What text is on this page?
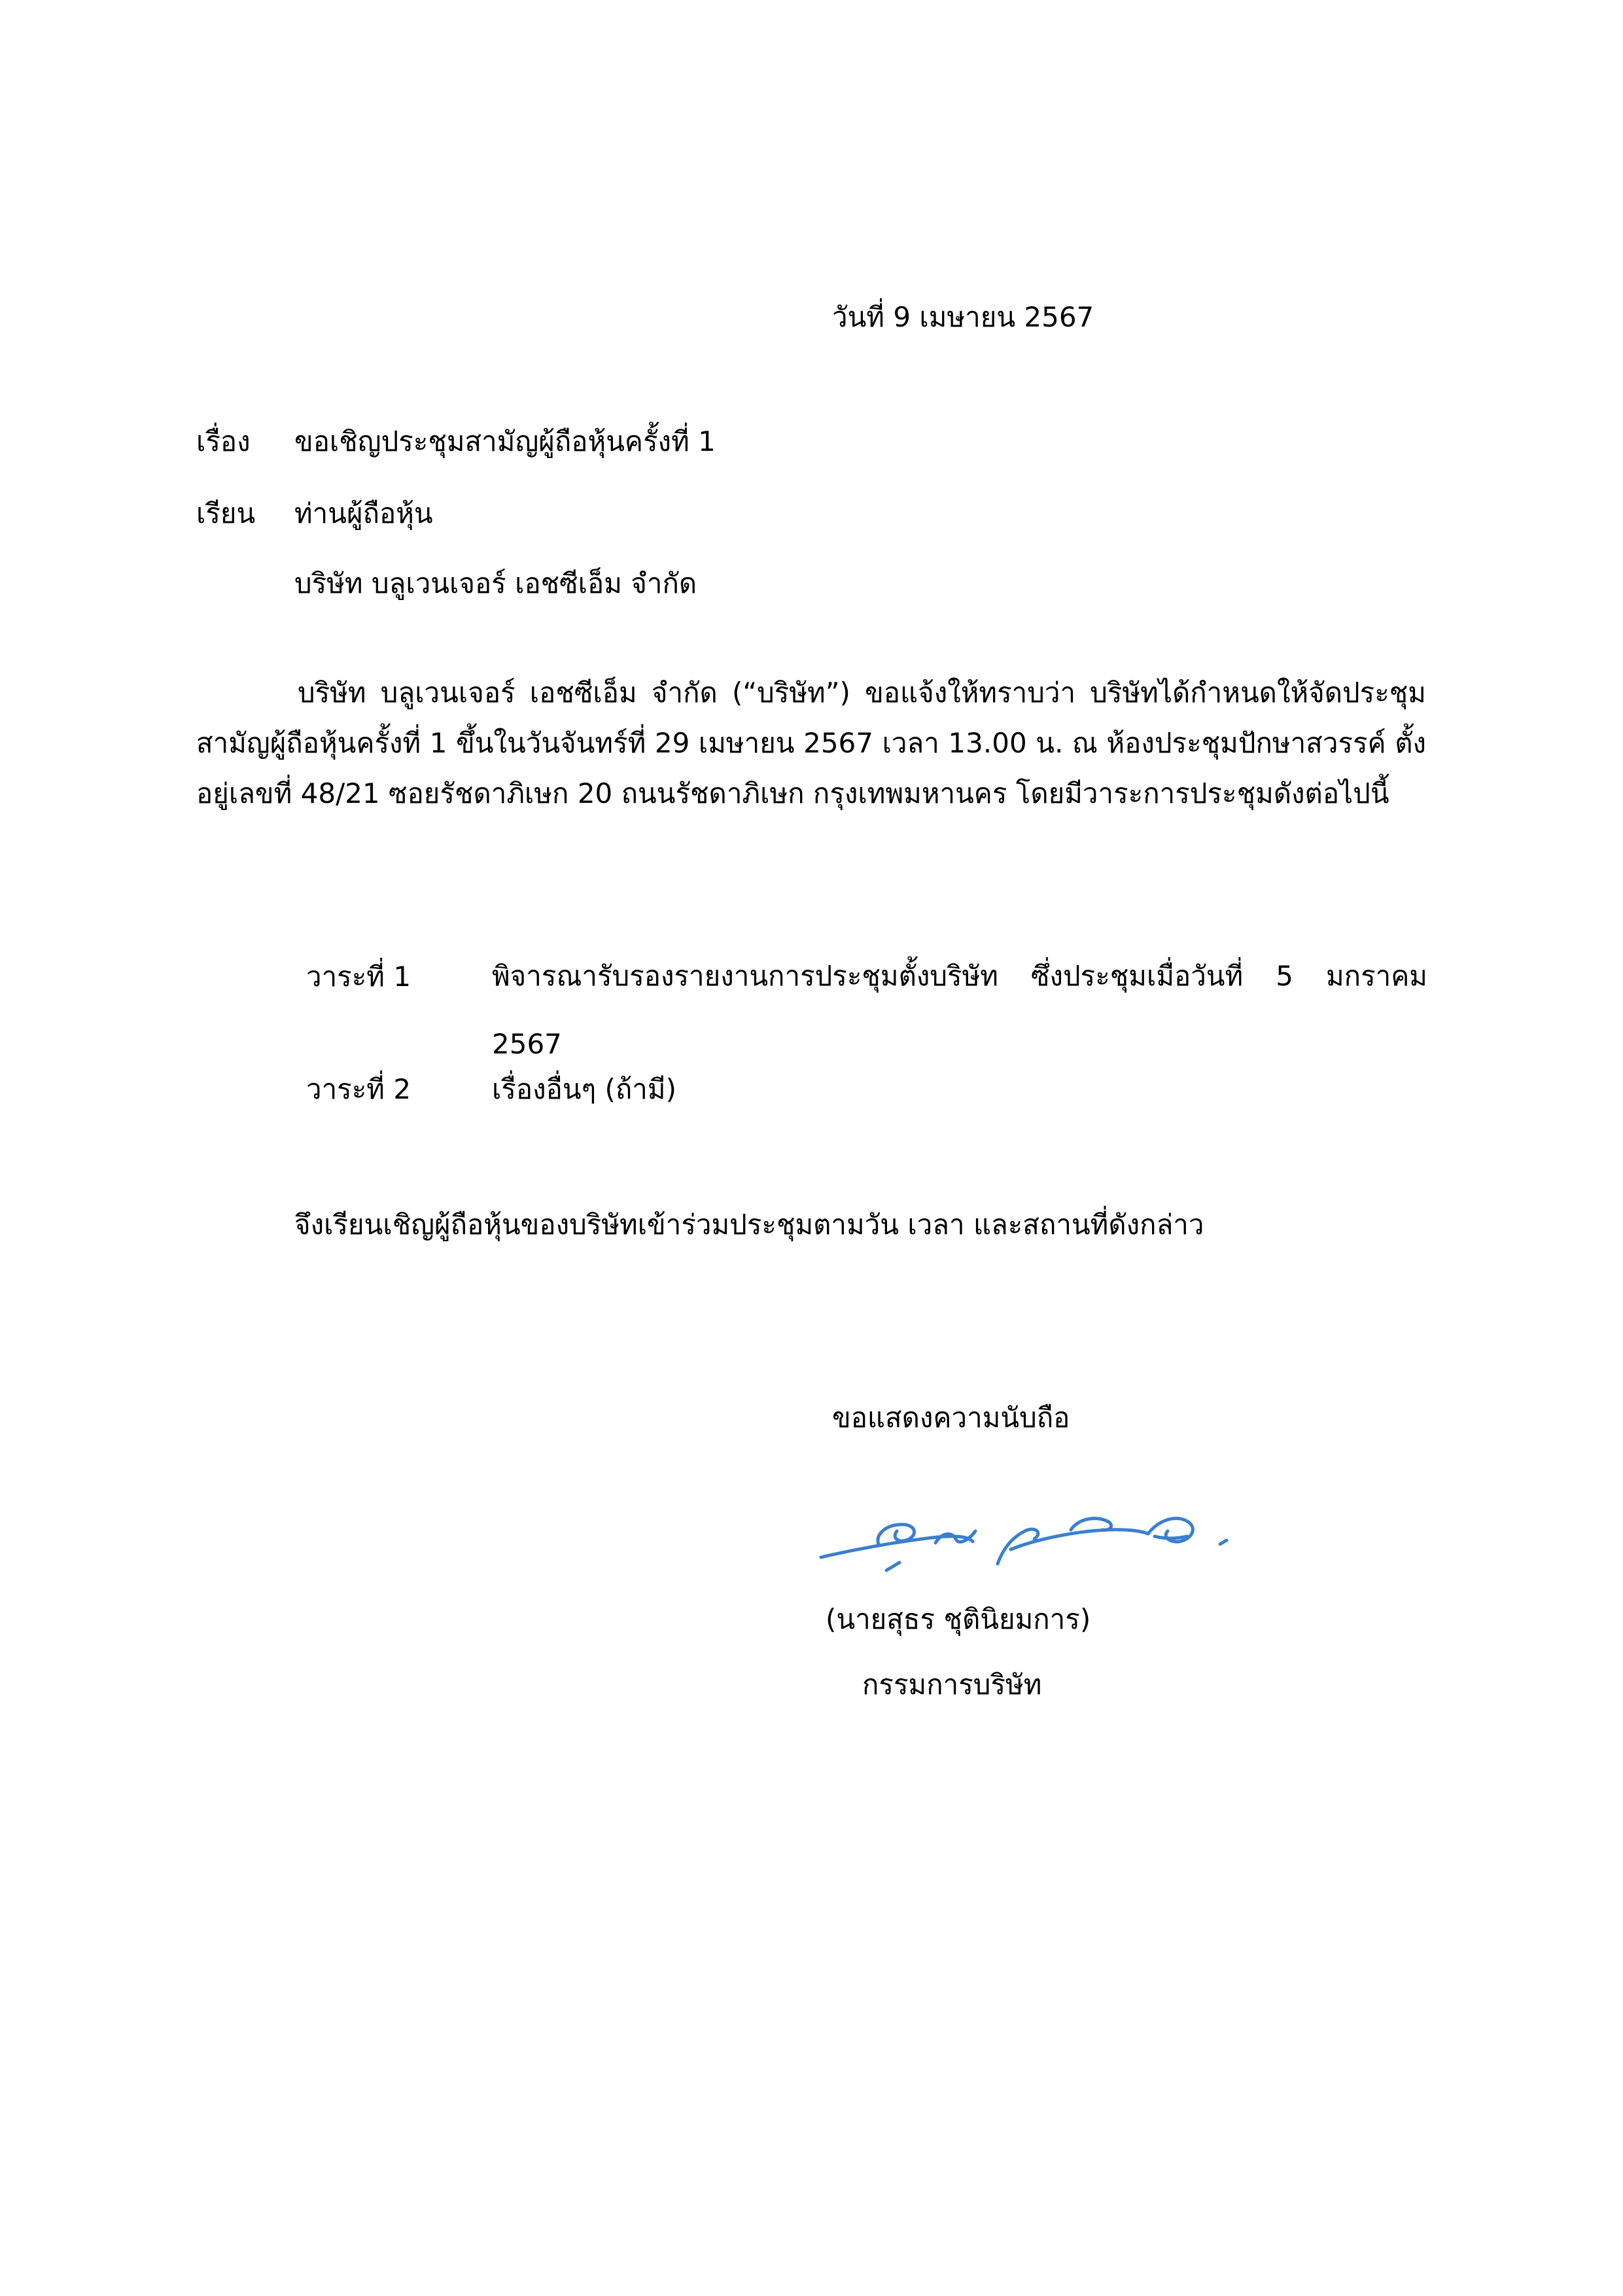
วันที่ 9 เมษายน 2567
เรื่อง ขอเชิญประชุมสามัญผู้ถือหุ้นครั้งที่ 1
เรียน ท่านผู้ถือหุ้น
บริษัท บลูเวนเจอร์ เอชซีเอ็ม จำกัด
บริษัท บลูเวนเจอร์ เอชซีเอ็ม จำกัด (“บริษัท”) ขอแจ้งให้ทราบว่า บริษัทได้กำหนดให้จัดประชุมสามัญผู้ถือหุ้นครั้งที่ 1 ขึ้นในวันจันทร์ที่ 29 เมษายน 2567 เวลา 13.00 น. ณ ห้องประชุมปักษาสวรรค์ ตั้งอยู่เลขที่ 48/21 ซอยรัชดาภิเษก 20 ถนนรัชดาภิเษก กรุงเทพมหานคร โดยมีวาระการประชุมดังต่อไปนี้
วาระที่ 1	พิจารณารับรองรายงานการประชุมตั้งบริษัท ซึ่งประชุมเมื่อวันที่ 5 มกราคม 2567
วาระที่ 2	เรื่องอื่นๆ (ถ้ามี)
จึงเรียนเชิญผู้ถือหุ้นของบริษัทเข้าร่วมประชุมตามวัน เวลา และสถานที่ดังกล่าว
ขอแสดงความนับถือ
(นายสุธร ชุตินิยมการ)
กรรมการบริษัท
